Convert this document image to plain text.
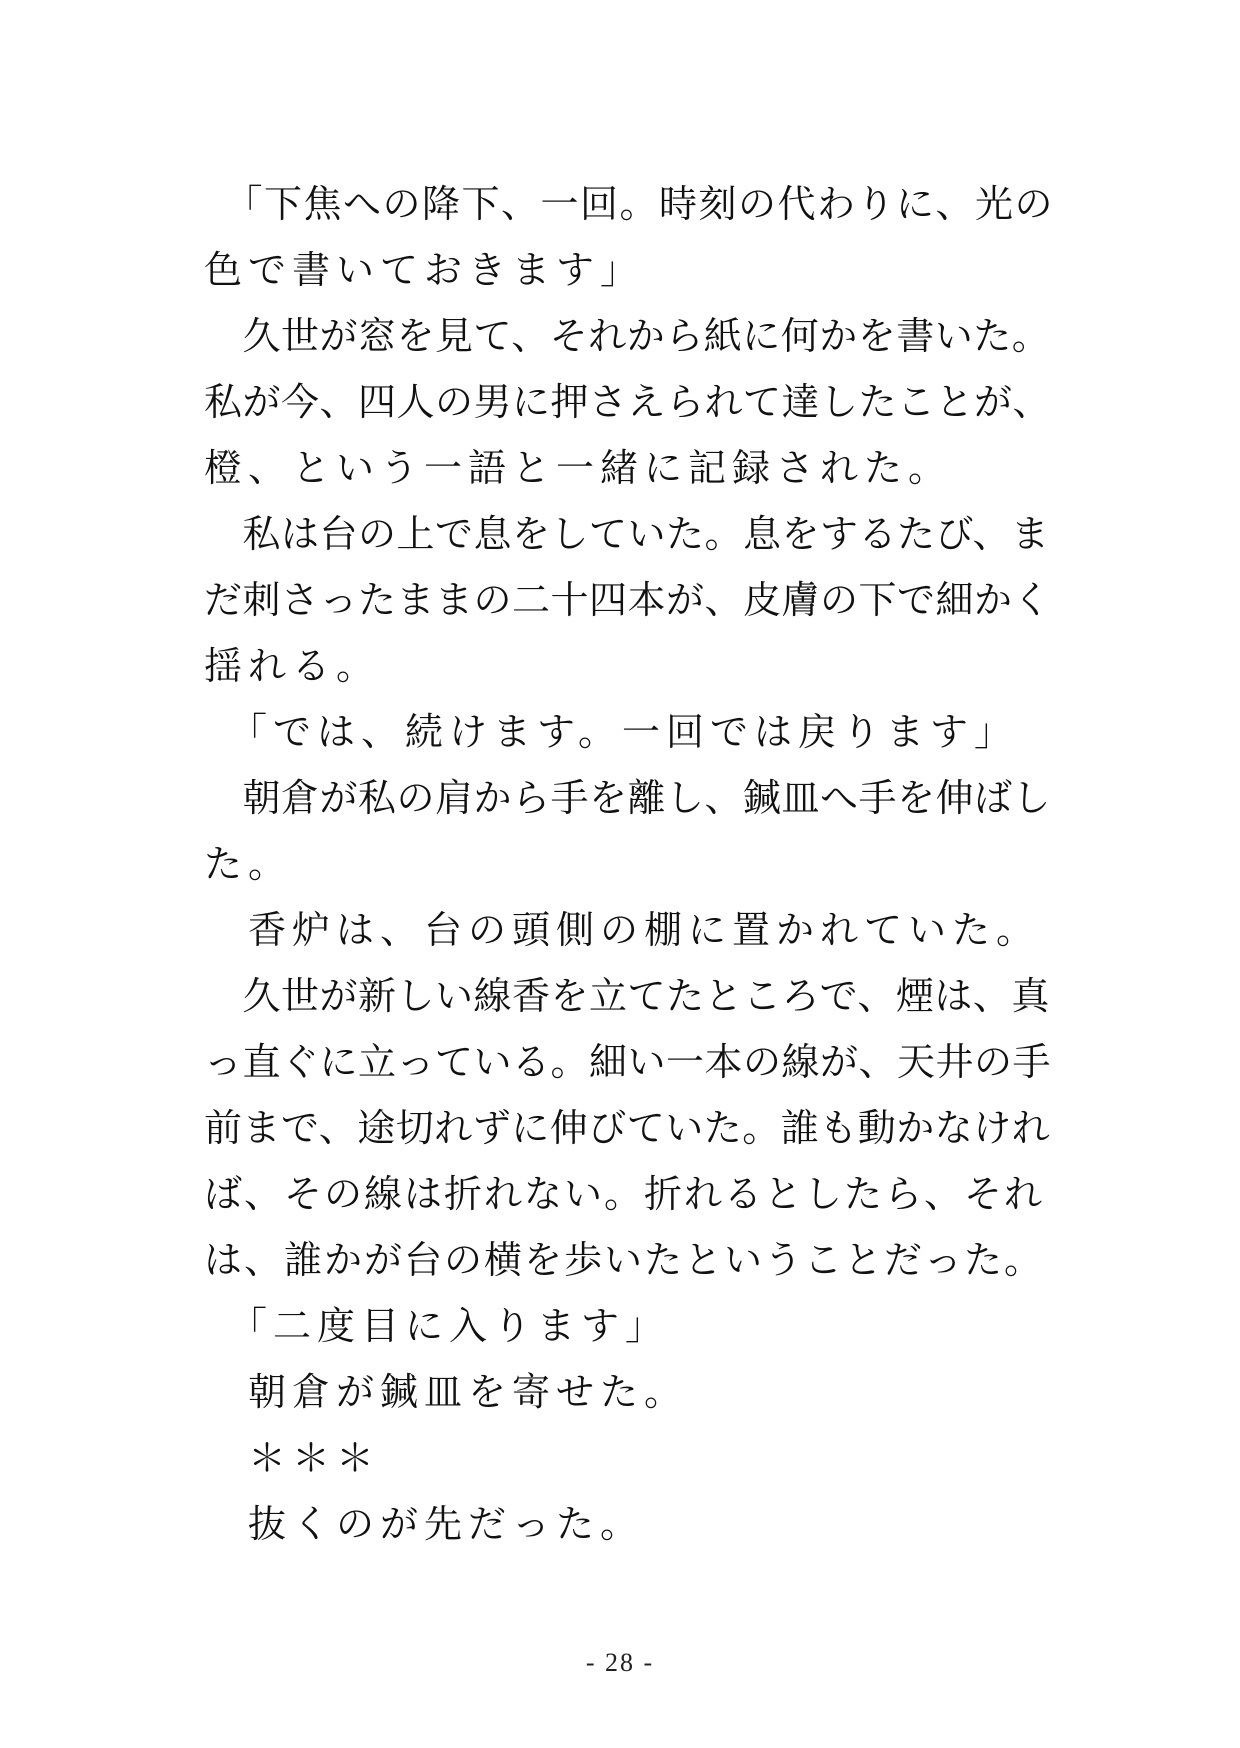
　「下焦への降下、一回。時刻の代わりに、光の
色で書いておきます」
　久世が窓を見て、それから紙に何かを書いた。
私が今、四人の男に押さえられて達したことが、
橙、という一語と一緒に記録された。
　私は台の上で息をしていた。息をするたび、ま
だ刺さったままの二十四本が、皮膚の下で細かく
揺れる。
　「では、続けます。一回では戻ります」
　朝倉が私の肩から手を離し、鍼皿へ手を伸ばし
た。
　香炉は、台の頭側の棚に置かれていた。
　久世が新しい線香を立てたところで、煙は、真
っ直ぐに立っている。細い一本の線が、天井の手
前まで、途切れずに伸びていた。誰も動かなけれ
ば、その線は折れない。折れるとしたら、それ
は、誰かが台の横を歩いたということだった。
　「二度目に入ります」
　朝倉が鍼皿を寄せた。
　＊＊＊
　抜くのが先だった。
- 28 -
